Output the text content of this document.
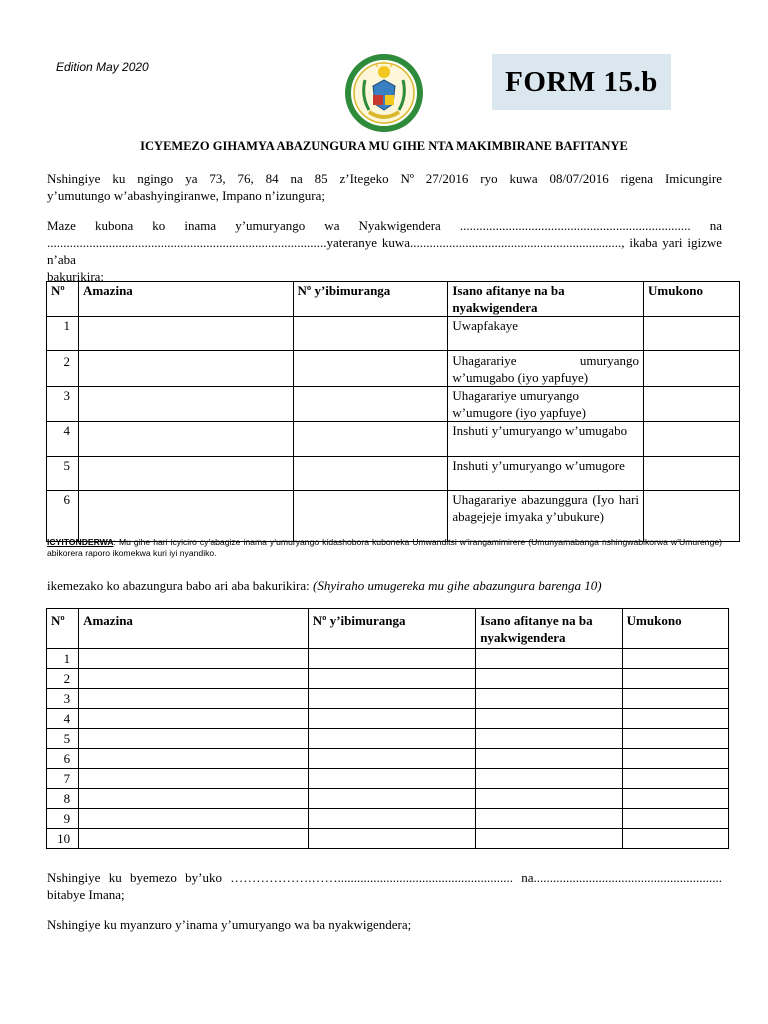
Edition May 2020	FORM 15.b
ICYEMEZO GIHAMYA ABAZUNGURA MU GIHE NTA MAKIMBIRANE BAFITANYE
Nshingiye ku ngingo ya 73, 76, 84 na 85 z’Itegeko Nº 27/2016 ryo kuwa 08/07/2016 rigena Imicungire
y’umutungo w’abashyingiranwe, Impano n’izungura;
Maze kubona ko inama y’umuryango wa Nyakwigendera ....................................................................... na
......................................................................................yateranye kuwa................................................................., ikaba yari igizwe n’aba
bakurikira:
Nº	Amazina	Nº y’ibimuranga	Isano afitanye na ba nyakwigendera	Umukono
1			Uwapfakaye	
2			Uhagarariye umuryango w’umugabo (iyo yapfuye)	
3			Uhagarariye umuryango w’umugore (iyo yapfuye)	
4			Inshuti y’umuryango w’umugabo	
5			Inshuti y’umuryango w’umugore	
6			Uhagarariye abazunggura (Iyo hari abagejeje imyaka y’ubukure)	
ICYITONDERWA: Mu gihe hari icyiciro cy’abagize inama y’umuryango kidashobora kuboneka Umwanditsi w’irangamimirere (Umunyamabanga nshingwabikorwa w’Umurenge) abikorera raporo ikomekwa kuri iyi nyandiko.
ikemezako ko abazungura babo ari aba bakurikira: (Shyiraho umugereka mu gihe abazungura barenga 10)
Nº	Amazina	Nº y’ibimuranga	Isano afitanye na ba nyakwigendera	Umukono
1				
2				
3				
4				
5				
6				
7				
8				
9				
10				
Nshingiye ku byemezo by’uko ……………….……...................................................... na..........................................................
bitabye Imana;
Nshingiye ku myanzuro y’inama y’umuryango wa ba nyakwigendera;
